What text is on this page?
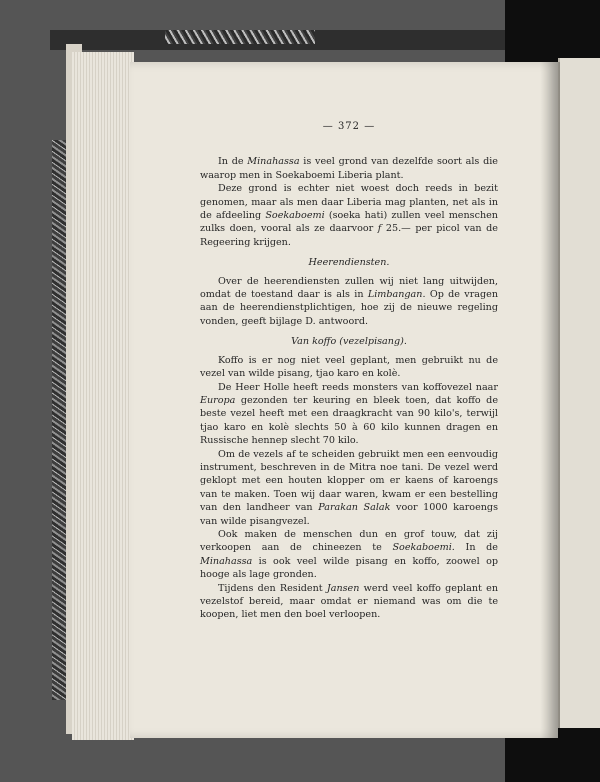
— 372 —

In de Minahassa is veel grond van dezelfde soort als die waarop men in Soekaboemi Liberia plant.

Deze grond is echter niet woest doch reeds in bezit genomen, maar als men daar Liberia mag planten, net als in de afdeeling Soekaboemi (soeka hati) zullen veel menschen zulks doen, vooral als ze daarvoor f 25.— per picol van de Regeering krijgen.

Heerendiensten.

Over de heerendiensten zullen wij niet lang uitwijden, omdat de toestand daar is als in Limbangan. Op de vragen aan de heerendienstplichtigen, hoe zij de nieuwe regeling vonden, geeft bijlage D. antwoord.

Van koffo (vezelpisang).

Koffo is er nog niet veel geplant, men gebruikt nu de vezel van wilde pisang, tjao karo en kolè.

De Heer Holle heeft reeds monsters van koffovezel naar Europa gezonden ter keuring en bleek toen, dat koffo de beste vezel heeft met een draagkracht van 90 kilo's, terwijl tjao karo en kolè slechts 50 à 60 kilo kunnen dragen en Russische hennep slecht 70 kilo.

Om de vezels af te scheiden gebruikt men een eenvoudig instrument, beschreven in de Mitra noe tani. De vezel werd geklopt met een houten klopper om er kaens of karoengs van te maken. Toen wij daar waren, kwam er een bestelling van den landheer van Parakan Salak voor 1000 karoengs van wilde pisangvezel.

Ook maken de menschen dun en grof touw, dat zij verkoopen aan de chineezen te Soekaboemi. In de Minahassa is ook veel wilde pisang en koffo, zoowel op hooge als lage gronden.

Tijdens den Resident Jansen werd veel koffo geplant en vezelstof bereid, maar omdat er niemand was om die te koopen, liet men den boel verloopen.
